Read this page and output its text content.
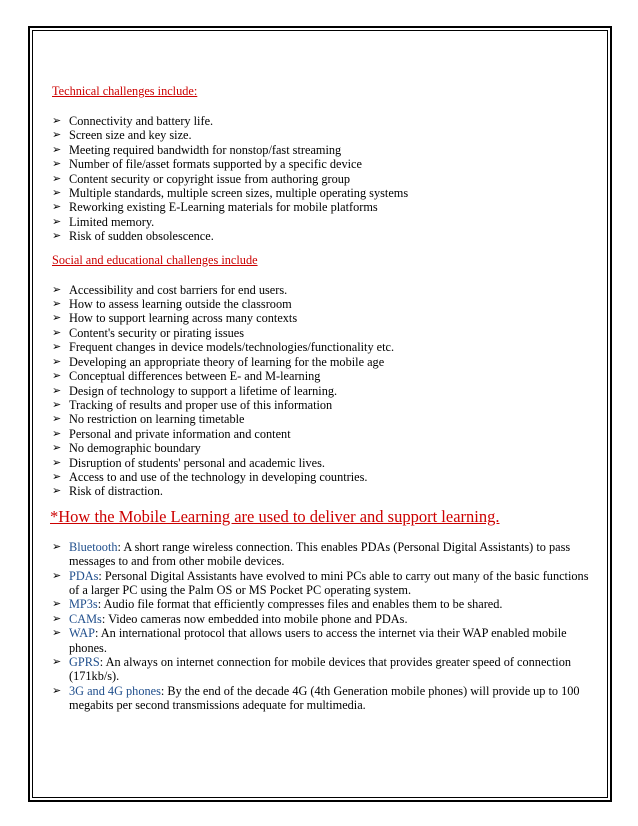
Technical challenges include:

➢ Connectivity and battery life.
➢ Screen size and key size.
➢ Meeting required bandwidth for nonstop/fast streaming
➢ Number of file/asset formats supported by a specific device
➢ Content security or copyright issue from authoring group
➢ Multiple standards, multiple screen sizes, multiple operating systems
➢ Reworking existing E-Learning materials for mobile platforms
➢ Limited memory.
➢ Risk of sudden obsolescence.

Social and educational challenges include

➢ Accessibility and cost barriers for end users.
➢ How to assess learning outside the classroom
➢ How to support learning across many contexts
➢ Content's security or pirating issues
➢ Frequent changes in device models/technologies/functionality etc.
➢ Developing an appropriate theory of learning for the mobile age
➢ Conceptual differences between E- and M-learning
➢ Design of technology to support a lifetime of learning.
➢ Tracking of results and proper use of this information
➢ No restriction on learning timetable
➢ Personal and private information and content
➢ No demographic boundary
➢ Disruption of students' personal and academic lives.
➢ Access to and use of the technology in developing countries.
➢ Risk of distraction.

*How the Mobile Learning are used to deliver and support learning.

➢ Bluetooth: A short range wireless connection. This enables PDAs (Personal Digital Assistants) to pass messages to and from other mobile devices.
➢ PDAs: Personal Digital Assistants have evolved to mini PCs able to carry out many of the basic functions of a larger PC using the Palm OS or MS Pocket PC operating system.
➢ MP3s: Audio file format that efficiently compresses files and enables them to be shared.
➢ CAMs: Video cameras now embedded into mobile phone and PDAs.
➢ WAP: An international protocol that allows users to access the internet via their WAP enabled mobile phones.
➢ GPRS: An always on internet connection for mobile devices that provides greater speed of connection (171kb/s).
➢ 3G and 4G phones: By the end of the decade 4G (4th Generation mobile phones) will provide up to 100 megabits per second transmissions adequate for multimedia.
